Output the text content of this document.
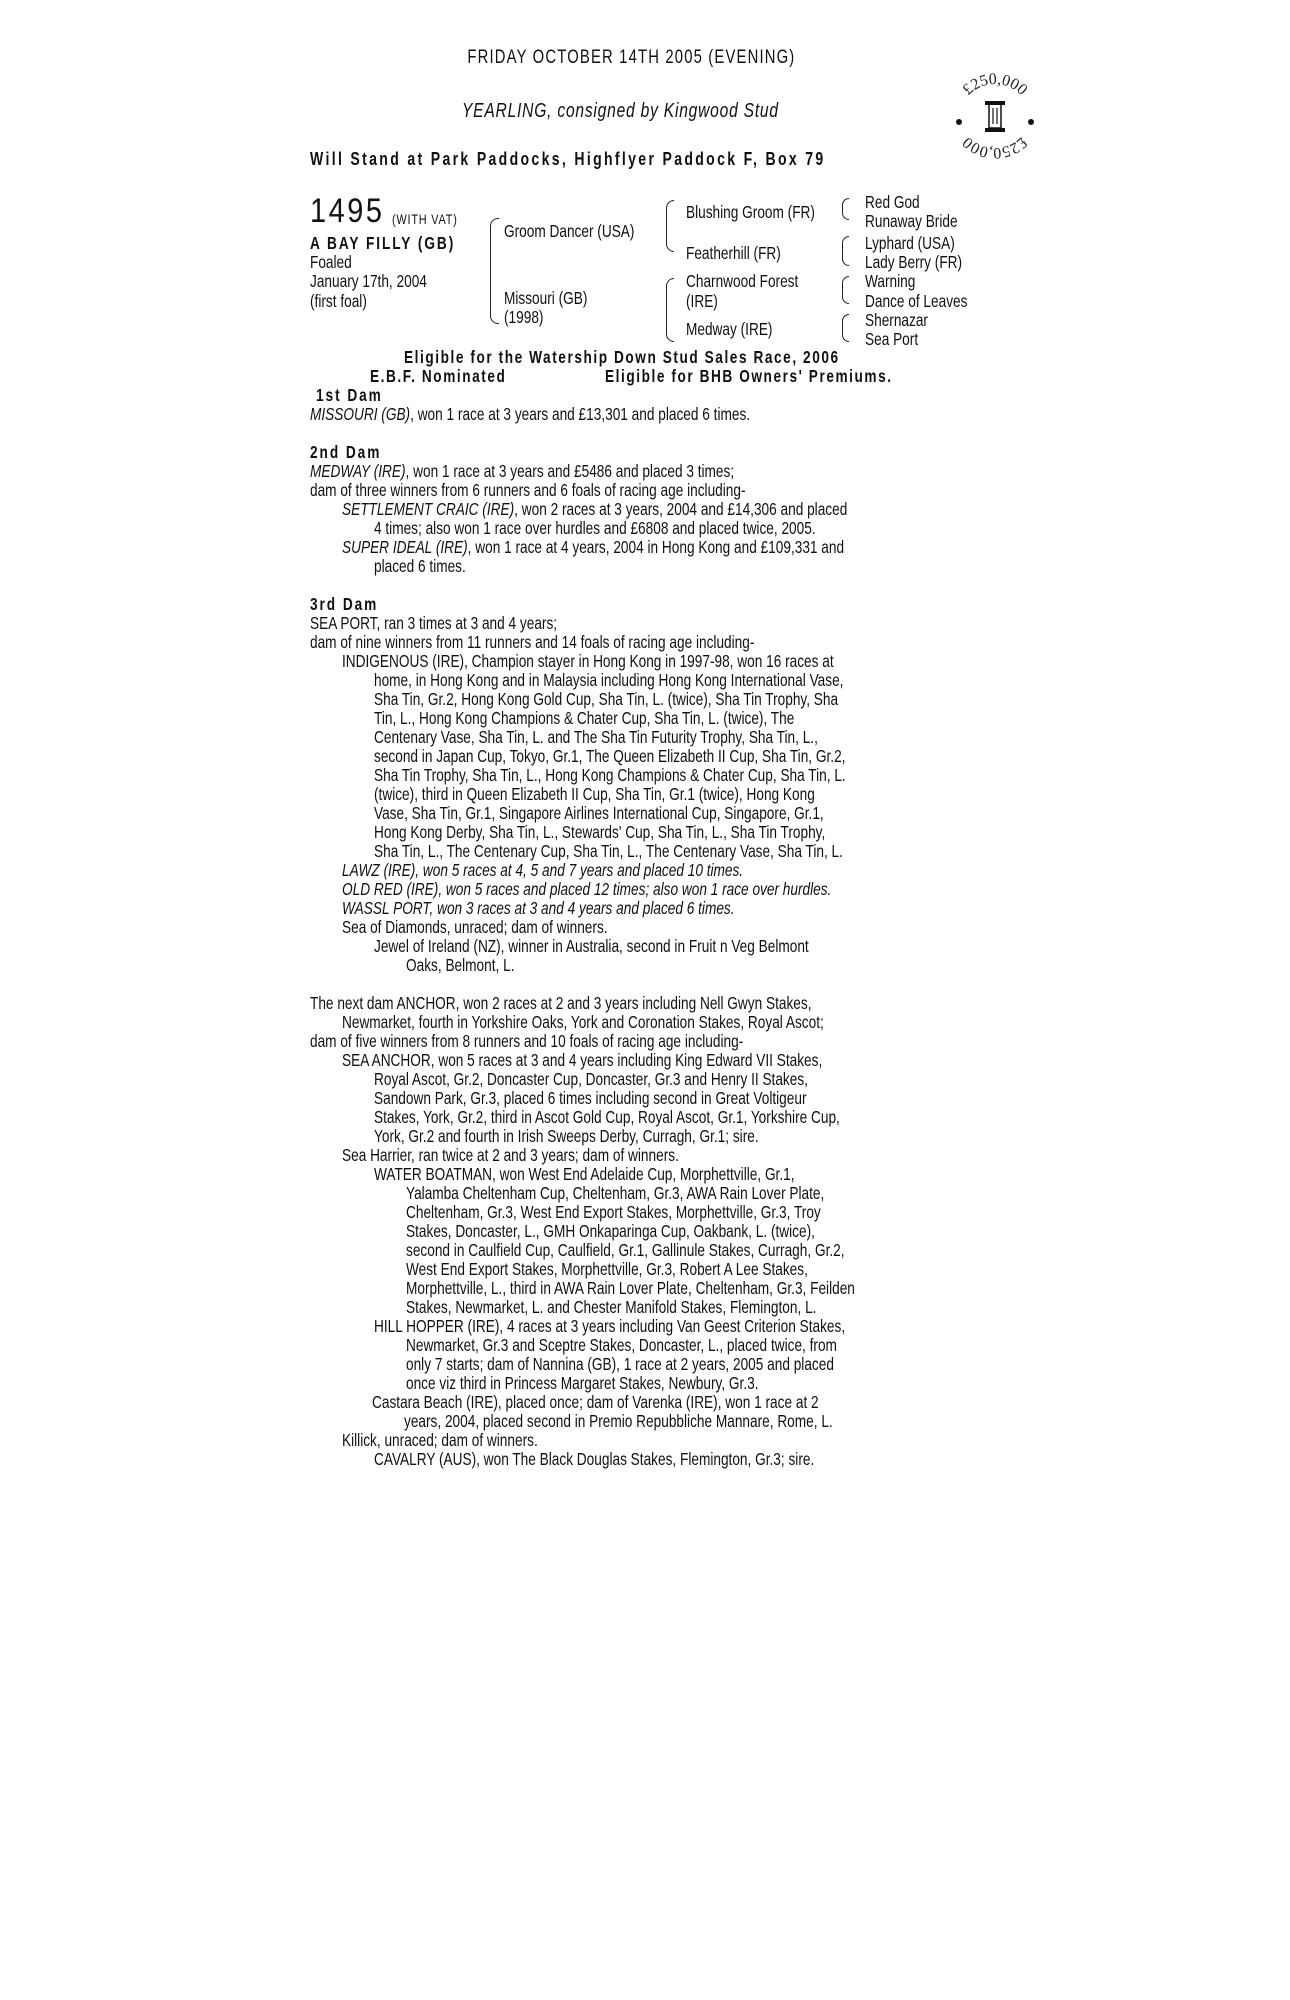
FRIDAY OCTOBER 14TH 2005 (EVENING)
YEARLING, consigned by Kingwood Stud
Will Stand at Park Paddocks, Highflyer Paddock F, Box 79
£250,000
£250,000
1495 (WITH VAT)
A BAY FILLY (GB)
Foaled
January 17th, 2004
(first foal)
Groom Dancer (USA)
Missouri (GB)
(1998)
Blushing Groom (FR)
Featherhill (FR)
Charnwood Forest
(IRE)
Medway (IRE)
Red God
Runaway Bride
Lyphard (USA)
Lady Berry (FR)
Warning
Dance of Leaves
Shernazar
Sea Port
Eligible for the Watership Down Stud Sales Race, 2006
E.B.F. Nominated	Eligible for BHB Owners' Premiums.
1st Dam
MISSOURI (GB), won 1 race at 3 years and £13,301 and placed 6 times.
2nd Dam
MEDWAY (IRE), won 1 race at 3 years and £5486 and placed 3 times;
dam of three winners from 6 runners and 6 foals of racing age including-
SETTLEMENT CRAIC (IRE), won 2 races at 3 years, 2004 and £14,306 and placed
4 times; also won 1 race over hurdles and £6808 and placed twice, 2005.
SUPER IDEAL (IRE), won 1 race at 4 years, 2004 in Hong Kong and £109,331 and
placed 6 times.
3rd Dam
SEA PORT, ran 3 times at 3 and 4 years;
dam of nine winners from 11 runners and 14 foals of racing age including-
INDIGENOUS (IRE), Champion stayer in Hong Kong in 1997-98, won 16 races at
home, in Hong Kong and in Malaysia including Hong Kong International Vase,
Sha Tin, Gr.2, Hong Kong Gold Cup, Sha Tin, L. (twice), Sha Tin Trophy, Sha
Tin, L., Hong Kong Champions & Chater Cup, Sha Tin, L. (twice), The
Centenary Vase, Sha Tin, L. and The Sha Tin Futurity Trophy, Sha Tin, L.,
second in Japan Cup, Tokyo, Gr.1, The Queen Elizabeth II Cup, Sha Tin, Gr.2,
Sha Tin Trophy, Sha Tin, L., Hong Kong Champions & Chater Cup, Sha Tin, L.
(twice), third in Queen Elizabeth II Cup, Sha Tin, Gr.1 (twice), Hong Kong
Vase, Sha Tin, Gr.1, Singapore Airlines International Cup, Singapore, Gr.1,
Hong Kong Derby, Sha Tin, L., Stewards' Cup, Sha Tin, L., Sha Tin Trophy,
Sha Tin, L., The Centenary Cup, Sha Tin, L., The Centenary Vase, Sha Tin, L.
LAWZ (IRE), won 5 races at 4, 5 and 7 years and placed 10 times.
OLD RED (IRE), won 5 races and placed 12 times; also won 1 race over hurdles.
WASSL PORT, won 3 races at 3 and 4 years and placed 6 times.
Sea of Diamonds, unraced; dam of winners.
Jewel of Ireland (NZ), winner in Australia, second in Fruit n Veg Belmont
Oaks, Belmont, L.
The next dam ANCHOR, won 2 races at 2 and 3 years including Nell Gwyn Stakes,
Newmarket, fourth in Yorkshire Oaks, York and Coronation Stakes, Royal Ascot;
dam of five winners from 8 runners and 10 foals of racing age including-
SEA ANCHOR, won 5 races at 3 and 4 years including King Edward VII Stakes,
Royal Ascot, Gr.2, Doncaster Cup, Doncaster, Gr.3 and Henry II Stakes,
Sandown Park, Gr.3, placed 6 times including second in Great Voltigeur
Stakes, York, Gr.2, third in Ascot Gold Cup, Royal Ascot, Gr.1, Yorkshire Cup,
York, Gr.2 and fourth in Irish Sweeps Derby, Curragh, Gr.1; sire.
Sea Harrier, ran twice at 2 and 3 years; dam of winners.
WATER BOATMAN, won West End Adelaide Cup, Morphettville, Gr.1,
Yalamba Cheltenham Cup, Cheltenham, Gr.3, AWA Rain Lover Plate,
Cheltenham, Gr.3, West End Export Stakes, Morphettville, Gr.3, Troy
Stakes, Doncaster, L., GMH Onkaparinga Cup, Oakbank, L. (twice),
second in Caulfield Cup, Caulfield, Gr.1, Gallinule Stakes, Curragh, Gr.2,
West End Export Stakes, Morphettville, Gr.3, Robert A Lee Stakes,
Morphettville, L., third in AWA Rain Lover Plate, Cheltenham, Gr.3, Feilden
Stakes, Newmarket, L. and Chester Manifold Stakes, Flemington, L.
HILL HOPPER (IRE), 4 races at 3 years including Van Geest Criterion Stakes,
Newmarket, Gr.3 and Sceptre Stakes, Doncaster, L., placed twice, from
only 7 starts; dam of Nannina (GB), 1 race at 2 years, 2005 and placed
once viz third in Princess Margaret Stakes, Newbury, Gr.3.
Castara Beach (IRE), placed once; dam of Varenka (IRE), won 1 race at 2
years, 2004, placed second in Premio Repubbliche Mannare, Rome, L.
Killick, unraced; dam of winners.
CAVALRY (AUS), won The Black Douglas Stakes, Flemington, Gr.3; sire.
